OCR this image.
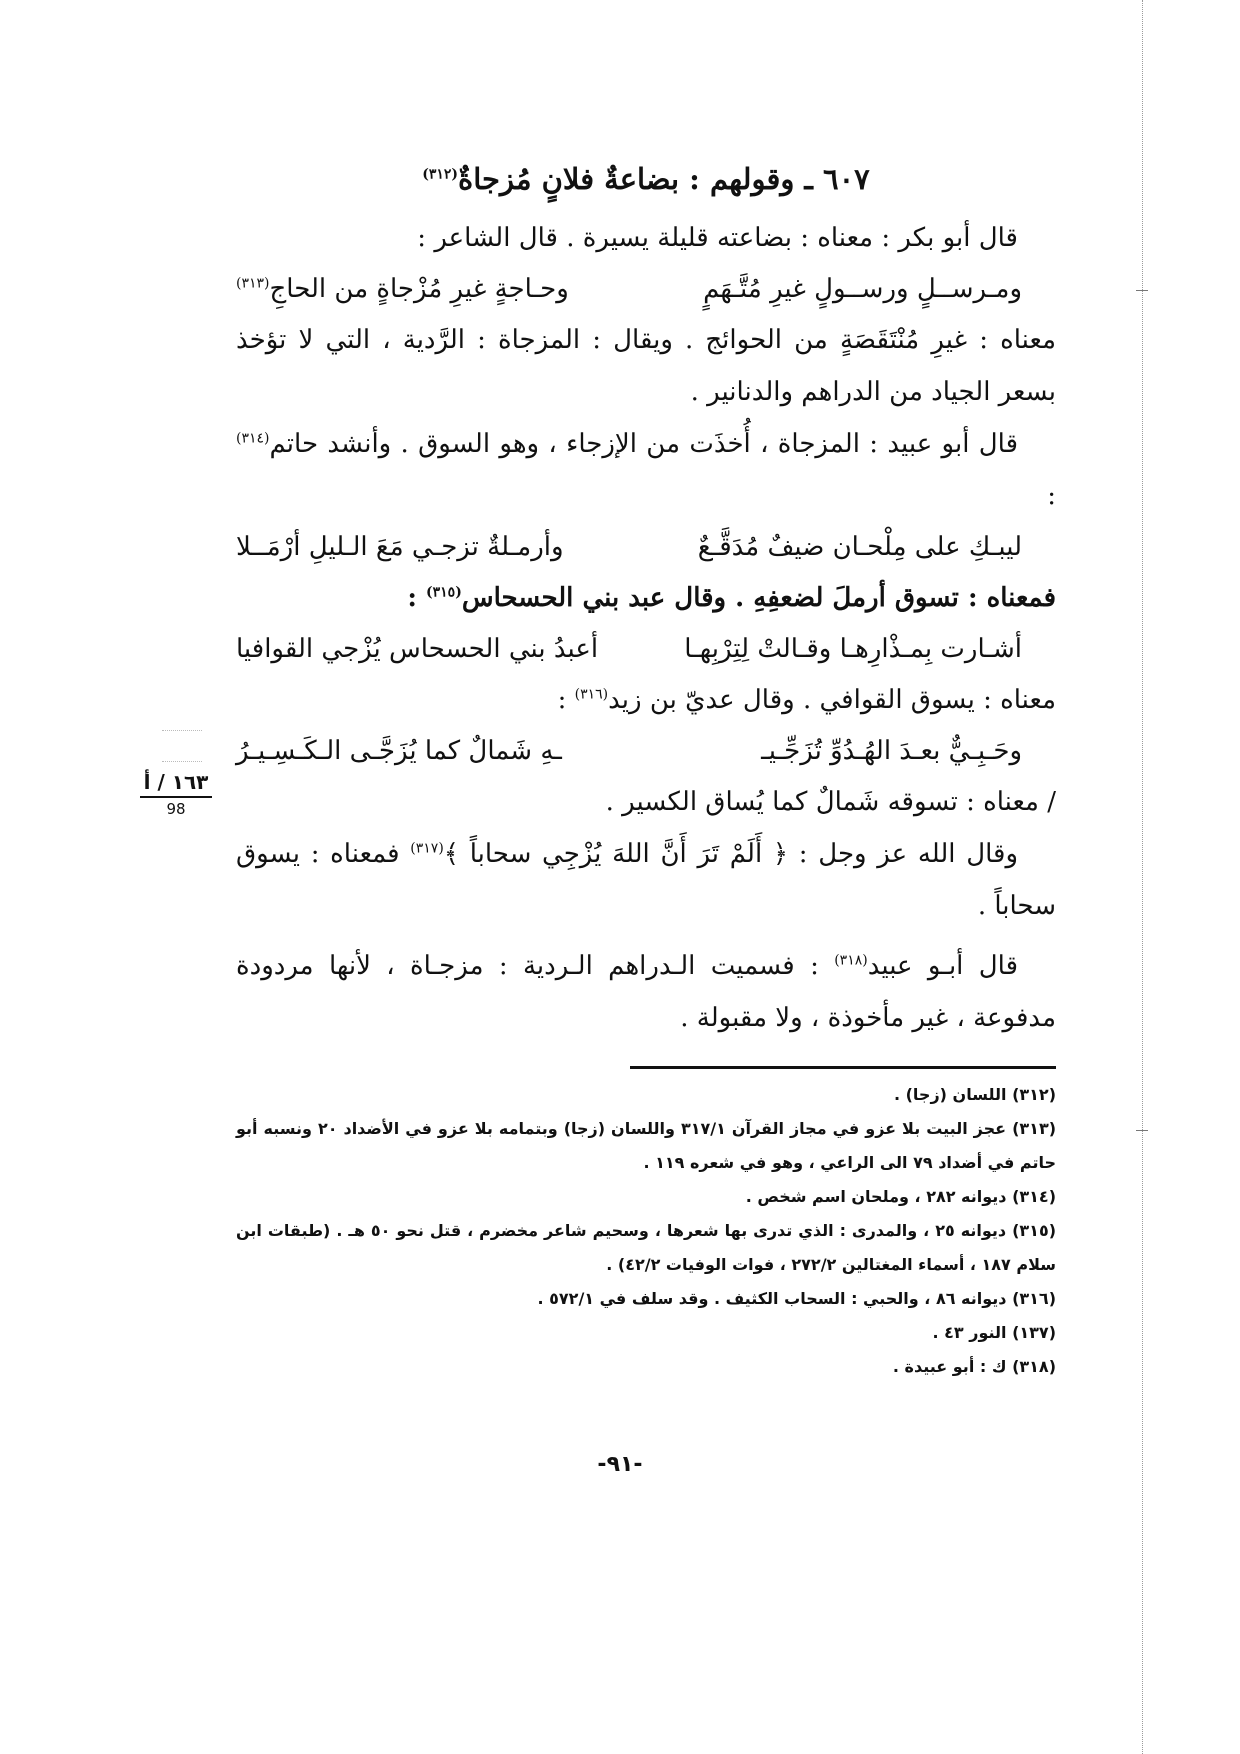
٦٠٧ ـ وقولهم : بضاعةٌ فلانٍ مُزجاةٌ$^{(٣١٢)}$

قال أبو بكر : معناه : بضاعته قليلة يسيرة . قال الشاعر :

ومـرســلٍ ورســولٍ غيرِ مُتَّـهَمٍ
وحـاجةٍ غيرِ مُزْجاةٍ من الحاجِ$^{(٣١٣)}$

معناه : غيرِ مُنْتَقَصَةٍ من الحوائج . ويقال : المزجاة : الرَّدية ، التي لا تؤخذ بسعر الجياد من الدراهم والدنانير .

قال أبو عبيد : المزجاة ، أُخذَت من الإزجاء ، وهو السوق . وأنشد حاتم$^{(٣١٤)}$ :

ليبـكِ على مِلْحـان ضيفٌ مُدَقَّـعٌ
وأرمـلةٌ تزجـي مَعَ الـليلِ أرْمَــلا

فمعناه : تسوق أرملَ لضعفِهِ . وقال عبد بني الحسحاس$^{(٣١٥)}$ :

أشـارت بِمـذْارِهـا وقـالتْ لِتِرْبِهـا
أعبدُ بني الحسحاس يُزْجي القوافيا

معناه : يسوق القوافي . وقال عديّ بن زيد$^{(٣١٦)}$ :

وحَـبِـيٌّ بعـدَ الهُـدُوِّ تُزَجِّـيـ
ـهِ شَمالٌ كما يُزَجَّـى الـكَـسِـيـرُ

/ معناه : تسوقه شَمالٌ كما يُساق الكسير .

وقال الله عز وجل : ﴿ أَلَمْ تَرَ أَنَّ اللهَ يُزْجِي سحاباً ﴾$^{(٣١٧)}$ فمعناه : يسوق سحاباً .

قال أبـو عبيد$^{(٣١٨)}$ : فسميت الـدراهم الـردية : مزجـاة ، لأنها مردودة مدفوعة ، غير مأخوذة ، ولا مقبولة .

١٦٣ / أ
98

(٣١٢) اللسان (زجا) .

(٣١٣) عجز البيت بلا عزو في مجاز القرآن ٣١٧/١ واللسان (زجا) وبتمامه بلا عزو في الأضداد ٢٠ ونسبه أبو حاتم في أضداد ٧٩ الى الراعي ، وهو في شعره ١١٩ .

(٣١٤) ديوانه ٢٨٢ ، وملحان اسم شخص .

(٣١٥) ديوانه ٢٥ ، والمدرى : الذي تدرى بها شعرها ، وسحيم شاعر مخضرم ، قتل نحو ٥٠ هـ . (طبقات ابن سلام ١٨٧ ، أسماء المغتالين ٢٧٢/٢ ، فوات الوفيات ٤٢/٢) .

(٣١٦) ديوانه ٨٦ ، والحبي : السحاب الكثيف . وقد سلف في ٥٧٢/١ .

(١٣٧) النور ٤٣ .

(٣١٨) ك : أبو عبيدة .

-٩١-
